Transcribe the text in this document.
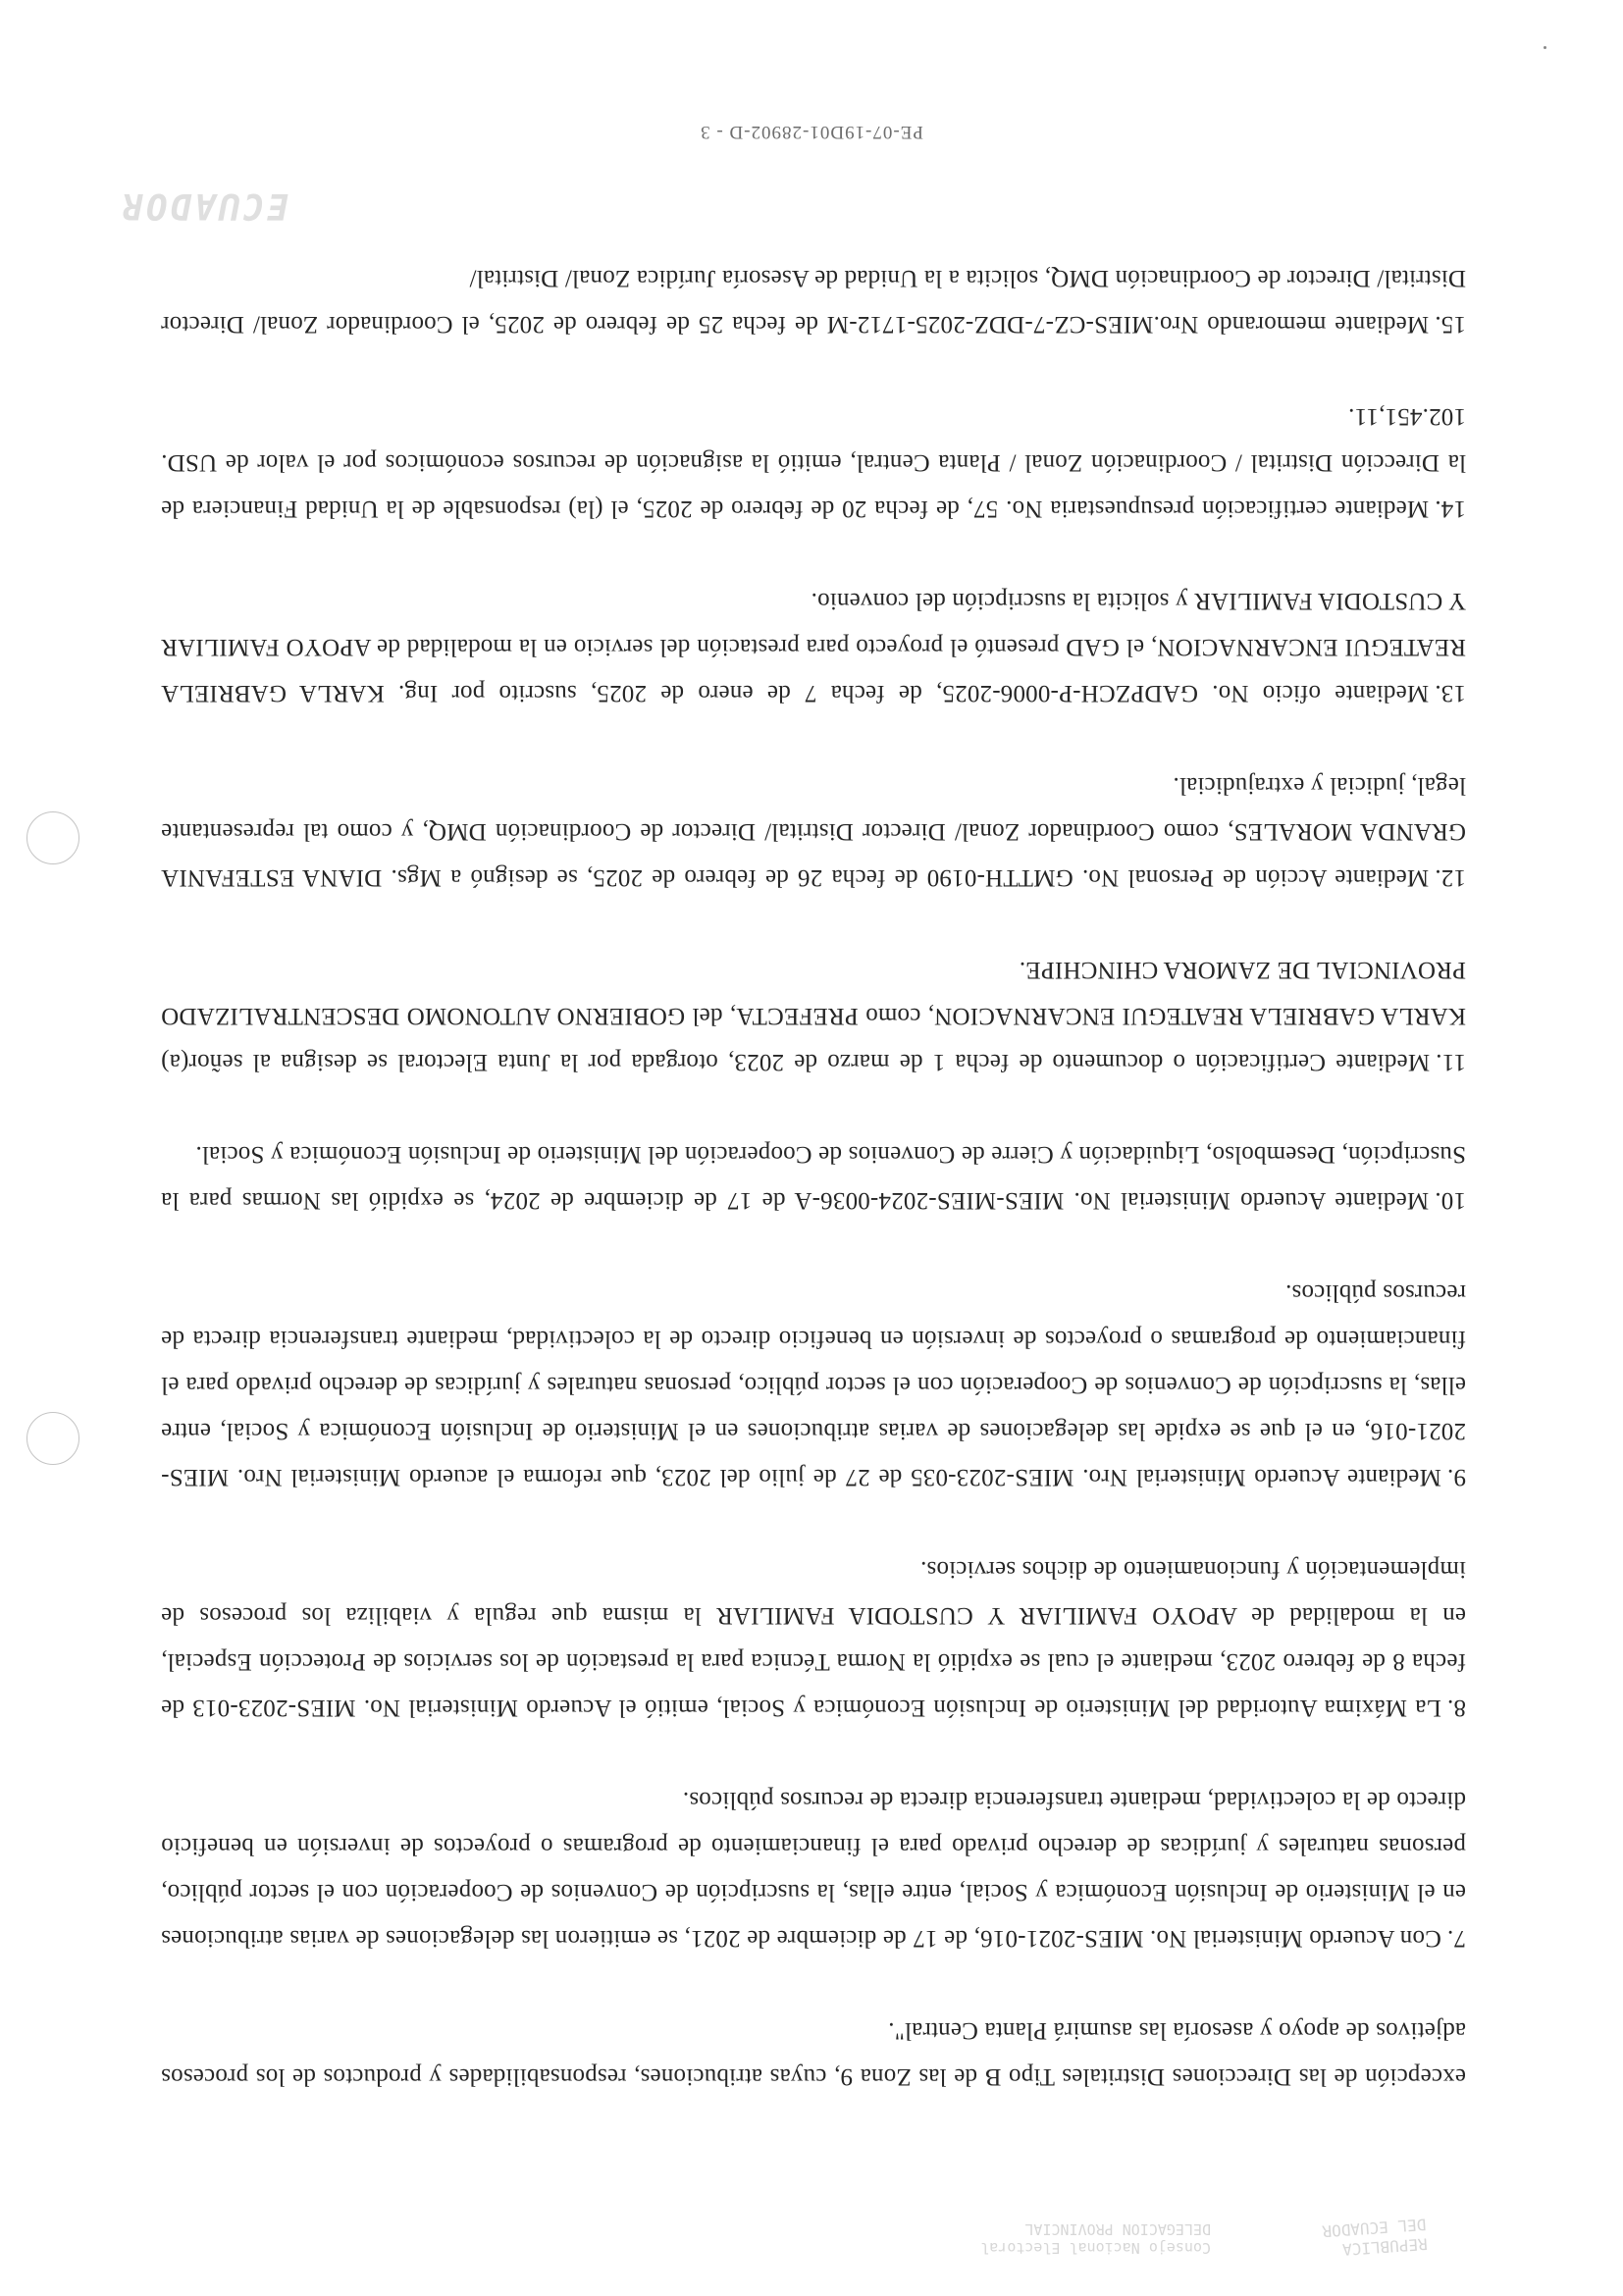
REPUBLICA
DEL ECUADOR
Consejo Nacional Electoral
DELEGACION PROVINCIAL

excepción de las Direcciones Distritales Tipo B de las Zona 9, cuyas atribuciones, responsabilidades y productos de los procesos adjetivos de apoyo y asesoría las asumirá Planta Central".

7.Con Acuerdo Ministerial No. MIES-2021-016, de 17 de diciembre de 2021, se emitieron las delegaciones de varias atribuciones en el Ministerio de Inclusión Económica y Social, entre ellas, la suscripción de Convenios de Cooperación con el sector público, personas naturales y jurídicas de derecho privado para el financiamiento de programas o proyectos de inversión en beneficio directo de la colectividad, mediante transferencia directa de recursos públicos.

8.La Máxima Autoridad del Ministerio de Inclusión Económica y Social, emitió el Acuerdo Ministerial No. MIES-2023-013 de fecha 8 de febrero 2023, mediante el cual se expidió la Norma Técnica para la prestación de los servicios de Protección Especial, en la modalidad de APOYO FAMILIAR Y CUSTODIA FAMILIAR la misma que regula y viabiliza los procesos de implementación y funcionamiento de dichos servicios.

9.Mediante Acuerdo Ministerial Nro. MIES-2023-035 de 27 de julio del 2023, que reforma el acuerdo Ministerial Nro. MIES-2021-016, en el que se expide las delegaciones de varias atribuciones en el Ministerio de Inclusión Económica y Social, entre ellas, la suscripción de Convenios de Cooperación con el sector público, personas naturales y jurídicas de derecho privado para el financiamiento de programas o proyectos de inversión en beneficio directo de la colectividad, mediante transferencia directa de recursos públicos.

10.Mediante Acuerdo Ministerial No. MIES-MIES-2024-0036-A de 17 de diciembre de 2024, se expidió las Normas para la Suscripción, Desembolso, Liquidación y Cierre de Convenios de Cooperación del Ministerio de Inclusión Económica y Social.

11.Mediante Certificación o documento de fecha 1 de marzo de 2023, otorgada por la Junta Electoral se designa al señor(a) KARLA GABRIELA REATEGUI ENCARNACION, como PREFECTA, del GOBIERNO AUTONOMO DESCENTRALIZADO PROVINCIAL DE ZAMORA CHINCHIPE.

12.Mediante Acción de Personal No. GMTTH-0190 de fecha 26 de febrero de 2025, se designó a Mgs. DIANA ESTEFANIA GRANDA MORALES, como Coordinador Zonal/ Director Distrital/ Director de Coordinación DMQ, y como tal representante legal, judicial y extrajudicial.

13.Mediante oficio No. GADPZCH-P-0006-2025, de fecha 7 de enero de 2025, suscrito por Ing. KARLA GABRIELA REATEGUI ENCARNACION, el GAD presentó el proyecto para prestación del servicio en la modalidad de APOYO FAMILIAR Y CUSTODIA FAMILIAR y solicita la suscripción del convenio.

14.Mediante certificación presupuestaria No. 57, de fecha 20 de febrero de 2025, el (la) responsable de la Unidad Financiera de la Dirección Distrital / Coordinación Zonal / Planta Central, emitió la asignación de recursos económicos por el valor de USD. 102.451,11.

15.Mediante memorando Nro.MIES-CZ-7-DDZ-2025-1712-M de fecha 25 de febrero de 2025, el Coordinador Zonal/ Director Distrital/ Director de Coordinación DMQ, solicita a la Unidad de Asesoría Jurídica Zonal/ Distrital/

ECUADOR
PE-07-19D01-28902-D - 3
